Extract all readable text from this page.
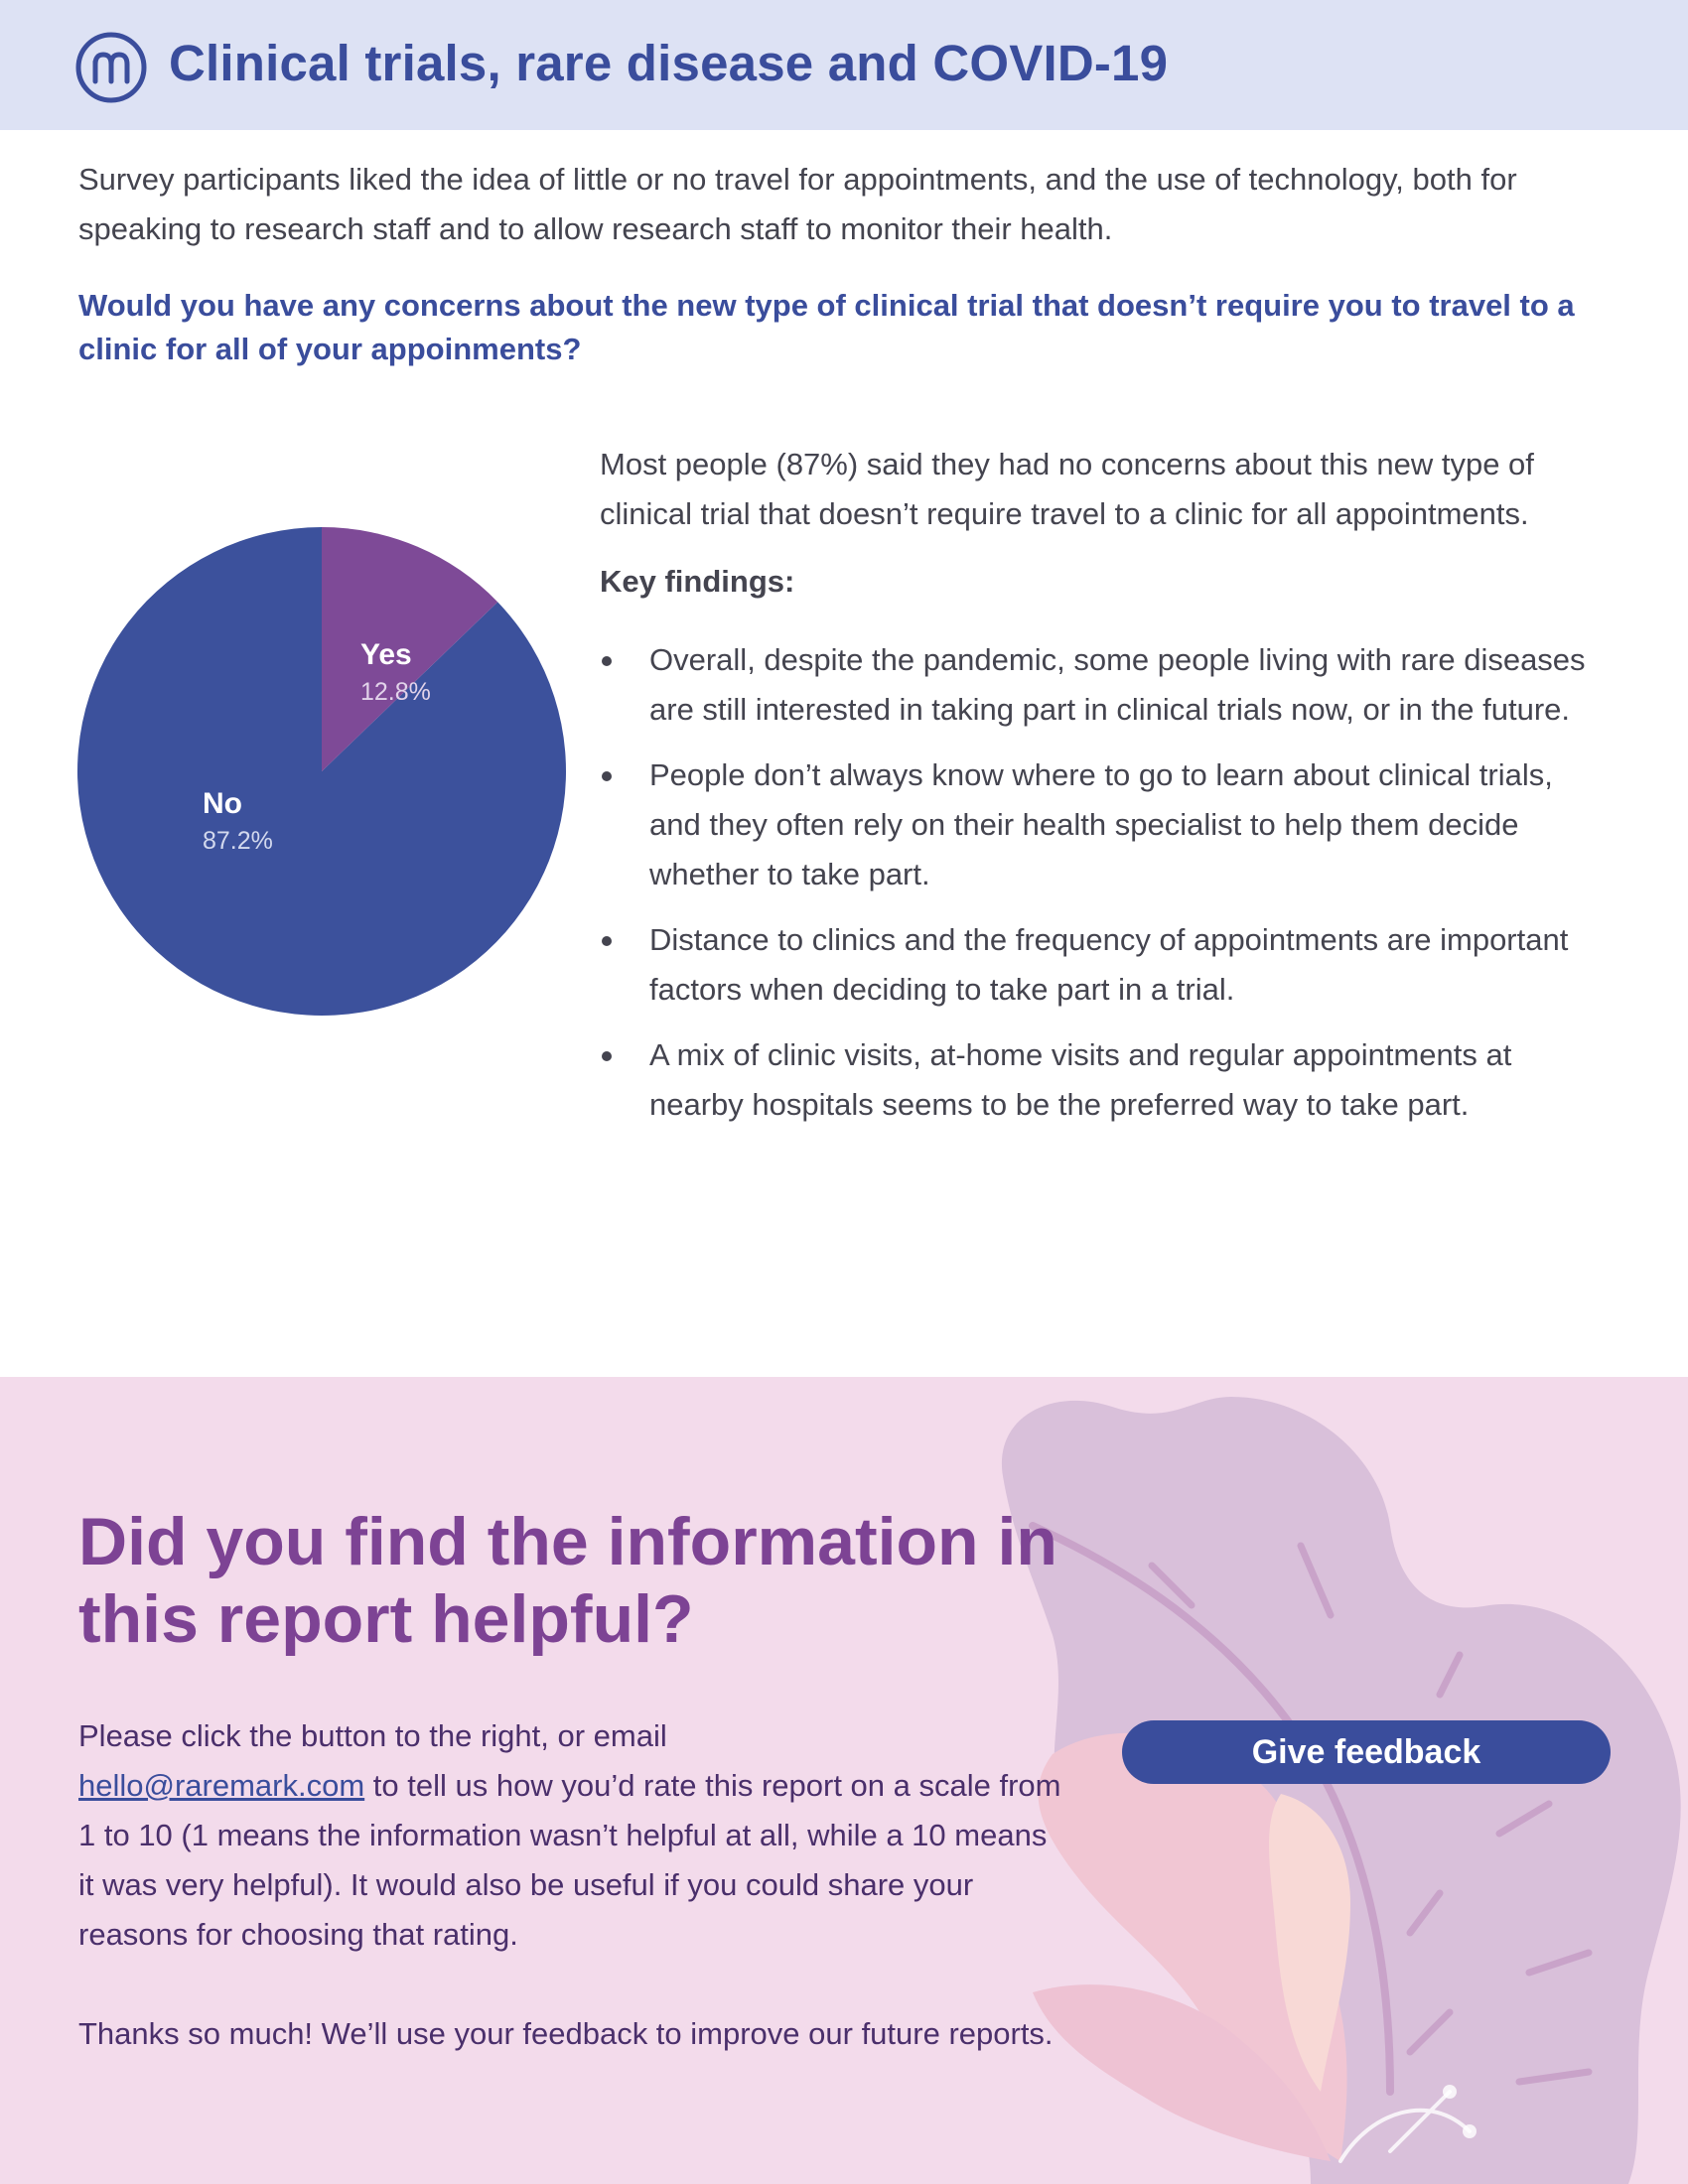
Clinical trials, rare disease and COVID-19

Survey participants liked the idea of little or no travel for appointments, and the use of technology, both for speaking to research staff and to allow research staff to monitor their health.

Would you have any concerns about the new type of clinical trial that doesn’t require you to travel to a clinic for all of your appoinments?

Yes
12.8%
No
87.2%

Most people (87%) said they had no concerns about this new type of clinical trial that doesn’t require travel to a clinic for all appointments.

Key findings:
Overall, despite the pandemic, some people living with rare diseases are still interested in taking part in clinical trials now, or in the future.
People don’t always know where to go to learn about clinical trials, and they often rely on their health specialist to help them decide whether to take part.
Distance to clinics and the frequency of appointments are important factors when deciding to take part in a trial.
A mix of clinic visits, at-home visits and regular appointments at nearby hospitals seems to be the preferred way to take part.
Did you find the information in
this report helpful?

Please click the button to the right, or email
hello@raremark.com to tell us how you’d rate this report on a scale from 1 to 10 (1 means the information wasn’t helpful at all, while a 10 means it was very helpful). It would also be useful if you could share your reasons for choosing that rating.

Thanks so much! We’ll use your feedback to improve our future reports.

Give feedback
